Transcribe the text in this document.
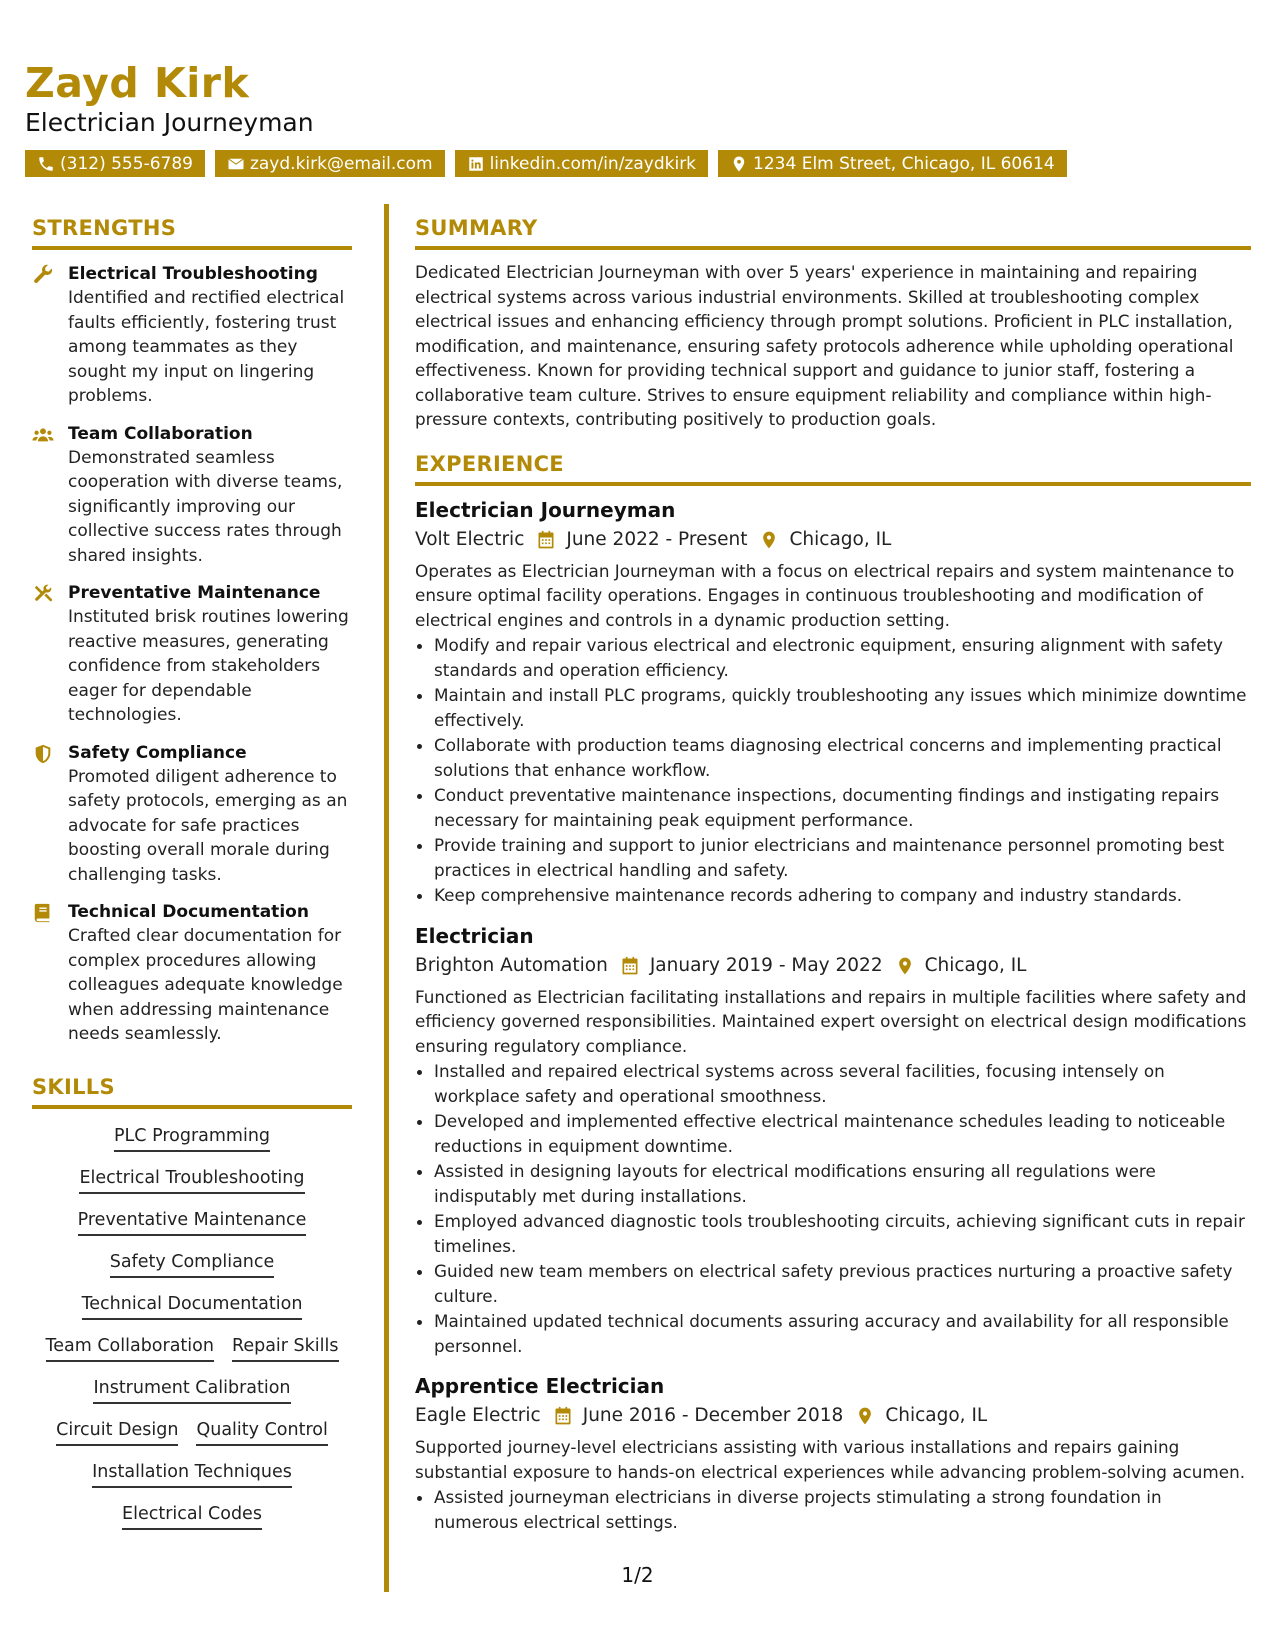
Zayd Kirk
Electrician Journeyman
(312) 555-6789	zayd.kirk@email.com	linkedin.com/in/zaydkirk	1234 Elm Street, Chicago, IL 60614
STRENGTHS
Electrical Troubleshooting
Identified and rectified electrical faults efficiently, fostering trust among teammates as they sought my input on lingering problems.
Team Collaboration
Demonstrated seamless cooperation with diverse teams, significantly improving our collective success rates through shared insights.
Preventative Maintenance
Instituted brisk routines lowering reactive measures, generating confidence from stakeholders eager for dependable technologies.
Safety Compliance
Promoted diligent adherence to safety protocols, emerging as an advocate for safe practices boosting overall morale during challenging tasks.
Technical Documentation
Crafted clear documentation for complex procedures allowing colleagues adequate knowledge when addressing maintenance needs seamlessly.
SKILLS
PLC Programming
Electrical Troubleshooting
Preventative Maintenance
Safety Compliance
Technical Documentation
Team Collaboration Repair Skills
Instrument Calibration
Circuit Design Quality Control
Installation Techniques
Electrical Codes
SUMMARY
Dedicated Electrician Journeyman with over 5 years' experience in maintaining and repairing electrical systems across various industrial environments. Skilled at troubleshooting complex electrical issues and enhancing efficiency through prompt solutions. Proficient in PLC installation, modification, and maintenance, ensuring safety protocols adherence while upholding operational effectiveness. Known for providing technical support and guidance to junior staff, fostering a collaborative team culture. Strives to ensure equipment reliability and compliance within high-pressure contexts, contributing positively to production goals.
EXPERIENCE
Electrician Journeyman
Volt Electric June 2022 - Present Chicago, IL
Operates as Electrician Journeyman with a focus on electrical repairs and system maintenance to ensure optimal facility operations. Engages in continuous troubleshooting and modification of electrical engines and controls in a dynamic production setting.
• Modify and repair various electrical and electronic equipment, ensuring alignment with safety standards and operation efficiency.
• Maintain and install PLC programs, quickly troubleshooting any issues which minimize downtime effectively.
• Collaborate with production teams diagnosing electrical concerns and implementing practical solutions that enhance workflow.
• Conduct preventative maintenance inspections, documenting findings and instigating repairs necessary for maintaining peak equipment performance.
• Provide training and support to junior electricians and maintenance personnel promoting best practices in electrical handling and safety.
• Keep comprehensive maintenance records adhering to company and industry standards.
Electrician
Brighton Automation January 2019 - May 2022 Chicago, IL
Functioned as Electrician facilitating installations and repairs in multiple facilities where safety and efficiency governed responsibilities. Maintained expert oversight on electrical design modifications ensuring regulatory compliance.
• Installed and repaired electrical systems across several facilities, focusing intensely on workplace safety and operational smoothness.
• Developed and implemented effective electrical maintenance schedules leading to noticeable reductions in equipment downtime.
• Assisted in designing layouts for electrical modifications ensuring all regulations were indisputably met during installations.
• Employed advanced diagnostic tools troubleshooting circuits, achieving significant cuts in repair timelines.
• Guided new team members on electrical safety previous practices nurturing a proactive safety culture.
• Maintained updated technical documents assuring accuracy and availability for all responsible personnel.
Apprentice Electrician
Eagle Electric June 2016 - December 2018 Chicago, IL
Supported journey-level electricians assisting with various installations and repairs gaining substantial exposure to hands-on electrical experiences while advancing problem-solving acumen.
• Assisted journeyman electricians in diverse projects stimulating a strong foundation in numerous electrical settings.
1/2
